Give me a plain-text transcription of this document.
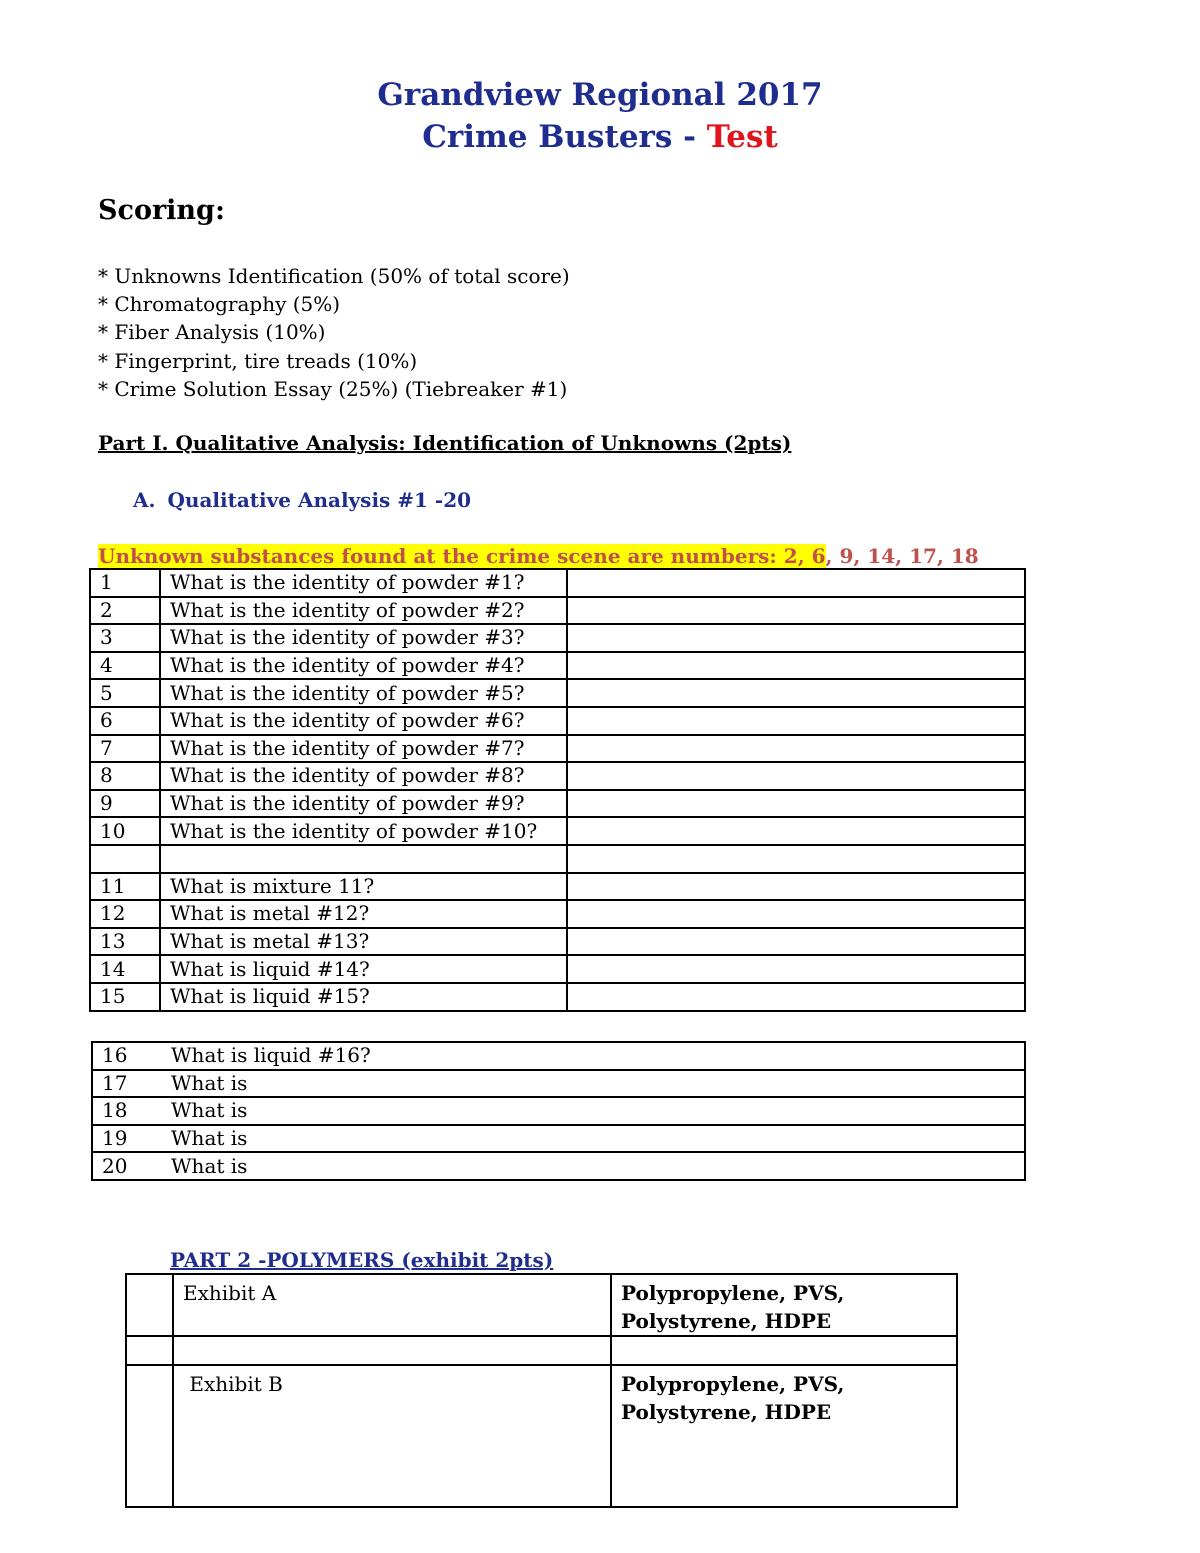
Grandview Regional 2017
Crime Busters - Test
Scoring:
* Unknowns Identification (50% of total score)
* Chromatography (5%)
* Fiber Analysis (10%)
* Fingerprint, tire treads (10%)
* Crime Solution Essay (25%) (Tiebreaker #1)
Part I. Qualitative Analysis: Identification of Unknowns (2pts)
A. Qualitative Analysis #1 -20
Unknown substances found at the crime scene are numbers: 2, 6, 9, 14, 17, 18
1	What is the identity of powder #1?	
2	What is the identity of powder #2?	
3	What is the identity of powder #3?	
4	What is the identity of powder #4?	
5	What is the identity of powder #5?	
6	What is the identity of powder #6?	
7	What is the identity of powder #7?	
8	What is the identity of powder #8?	
9	What is the identity of powder #9?	
10	What is the identity of powder #10?	

11	What is mixture 11?	
12	What is metal #12?	
13	What is metal #13?	
14	What is liquid #14?	
15	What is liquid #15?	
16	What is liquid #16?
17	What is
18	What is
19	What is
20	What is
PART 2 -POLYMERS (exhibit 2pts)
	Exhibit A	Polypropylene, PVS,
Polystyrene, HDPE

	Exhibit B	Polypropylene, PVS,
Polystyrene, HDPE
